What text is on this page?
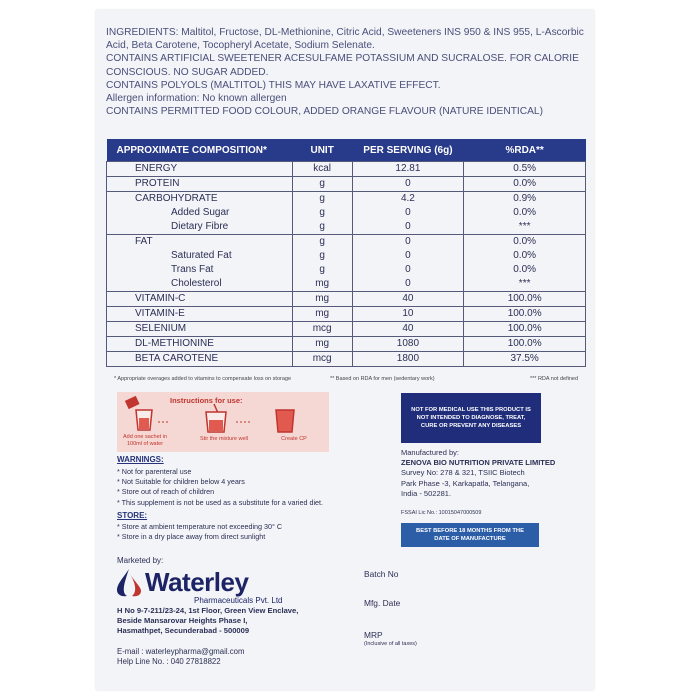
INGREDIENTS: Maltitol, Fructose, DL-Methionine, Citric Acid, Sweeteners INS 950 & INS 955, L-Ascorbic Acid, Beta Carotene, Tocopheryl Acetate, Sodium Selenate.
CONTAINS ARTIFICIAL SWEETENER ACESULFAME POTASSIUM AND SUCRALOSE. FOR CALORIE CONSCIOUS. NO SUGAR ADDED.
CONTAINS POLYOLS (MALTITOL) THIS MAY HAVE LAXATIVE EFFECT.
Allergen information: No known allergen
CONTAINS PERMITTED FOOD COLOUR, ADDED ORANGE FLAVOUR (NATURE IDENTICAL)
APPROXIMATE COMPOSITION*	UNIT	PER SERVING (6g)	%RDA**
ENERGY	kcal	12.81	0.5%
PROTEIN	g	0	0.0%
CARBOHYDRATE	g	4.2	0.9%
Added Sugar	g	0	0.0%
Dietary Fibre	g	0	***
FAT	g	0	0.0%
Saturated Fat	g	0	0.0%
Trans Fat	g	0	0.0%
Cholesterol	mg	0	***
VITAMIN-C	mg	40	100.0%
VITAMIN-E	mg	10	100.0%
SELENIUM	mcg	40	100.0%
DL-METHIONINE	mg	1080	100.0%
BETA CAROTENE	mcg	1800	37.5%
* Appropriate overages added to vitamins to compensate loss on storage	** Based on RDA for men (sedentary work)	*** RDA not defined
Instructions for use:
Add one sachet in 100ml of water
Stir the mixture well	Create CP
NOT FOR MEDICAL USE THIS PRODUCT IS NOT INTENDED TO DIAGNOSE, TREAT, CURE OR PREVENT ANY DISEASES
WARNINGS:
* Not for parenteral use
* Not Suitable for children below 4 years
* Store out of reach of children
* This supplement is not be used as a substitute for a varied diet.
STORE:
* Store at ambient temperature not exceeding 30° C
* Store in a dry place away from direct sunlight
Manufactured by:
ZENOVA BIO NUTRITION PRIVATE LIMITED
Survey No: 278 & 321, TSIIC Biotech
Park Phase -3, Karkapatla, Telangana,
India - 502281.
FSSAI Lic No.: 10015047000509
BEST BEFORE 18 MONTHS FROM THE DATE OF MANUFACTURE
Marketed by:
Waterley
Pharmaceuticals Pvt. Ltd
H No 9-7-211/23-24, 1st Floor, Green View Enclave,
Beside Mansarovar Heights Phase I,
Hasmathpet, Secunderabad - 500009
E-mail : waterleypharma@gmail.com
Help Line No. : 040 27818822
Batch No
Mfg. Date
MRP
(Inclusive of all taxes)
